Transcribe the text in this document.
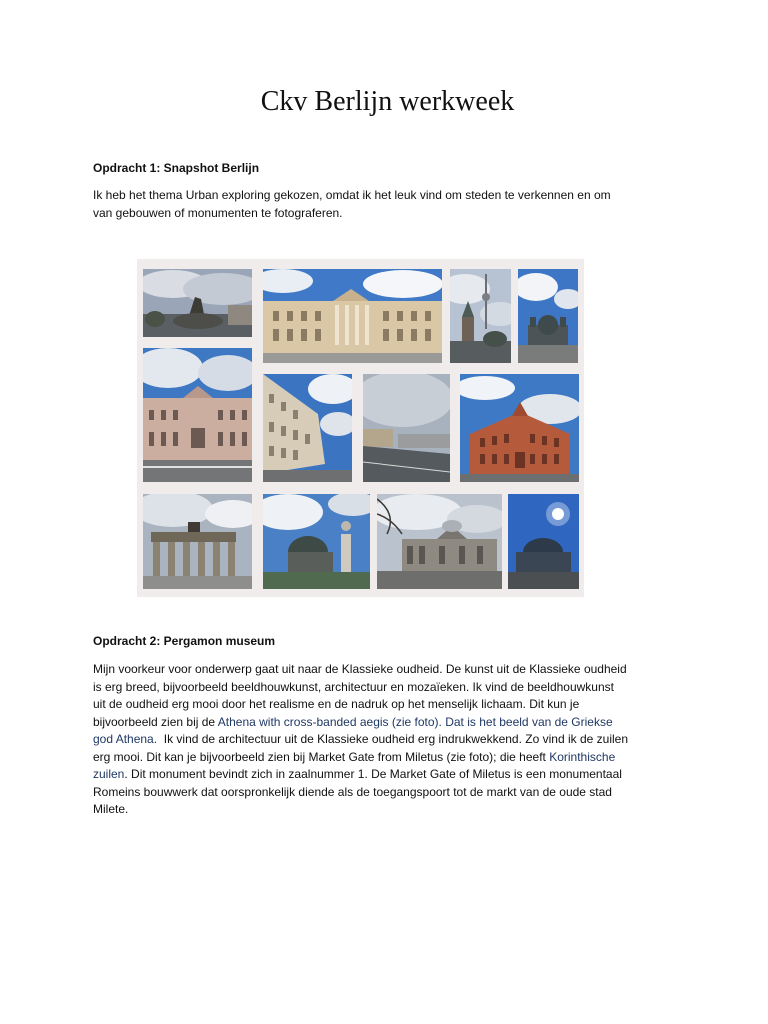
Ckv Berlijn werkweek
Opdracht 1: Snapshot Berlijn
Ik heb het thema Urban exploring gekozen, omdat ik het leuk vind om steden te verkennen en om
van gebouwen of monumenten te fotograferen.
Opdracht 2: Pergamon museum
Mijn voorkeur voor onderwerp gaat uit naar de Klassieke oudheid. De kunst uit de Klassieke oudheid
is erg breed, bijvoorbeeld beeldhouwkunst, architectuur en mozaïeken. Ik vind de beeldhouwkunst
uit de oudheid erg mooi door het realisme en de nadruk op het menselijk lichaam. Dit kun je
bijvoorbeeld zien bij de Athena with cross-banded aegis (zie foto). Dat is het beeld van de Griekse
god Athena.  Ik vind de architectuur uit de Klassieke oudheid erg indrukwekkend. Zo vind ik de zuilen
erg mooi. Dit kan je bijvoorbeeld zien bij Market Gate from Miletus (zie foto); die heeft Korinthische
zuilen. Dit monument bevindt zich in zaalnummer 1. De Market Gate of Miletus is een monumentaal
Romeins bouwwerk dat oorspronkelijk diende als de toegangspoort tot de markt van de oude stad
Milete.
